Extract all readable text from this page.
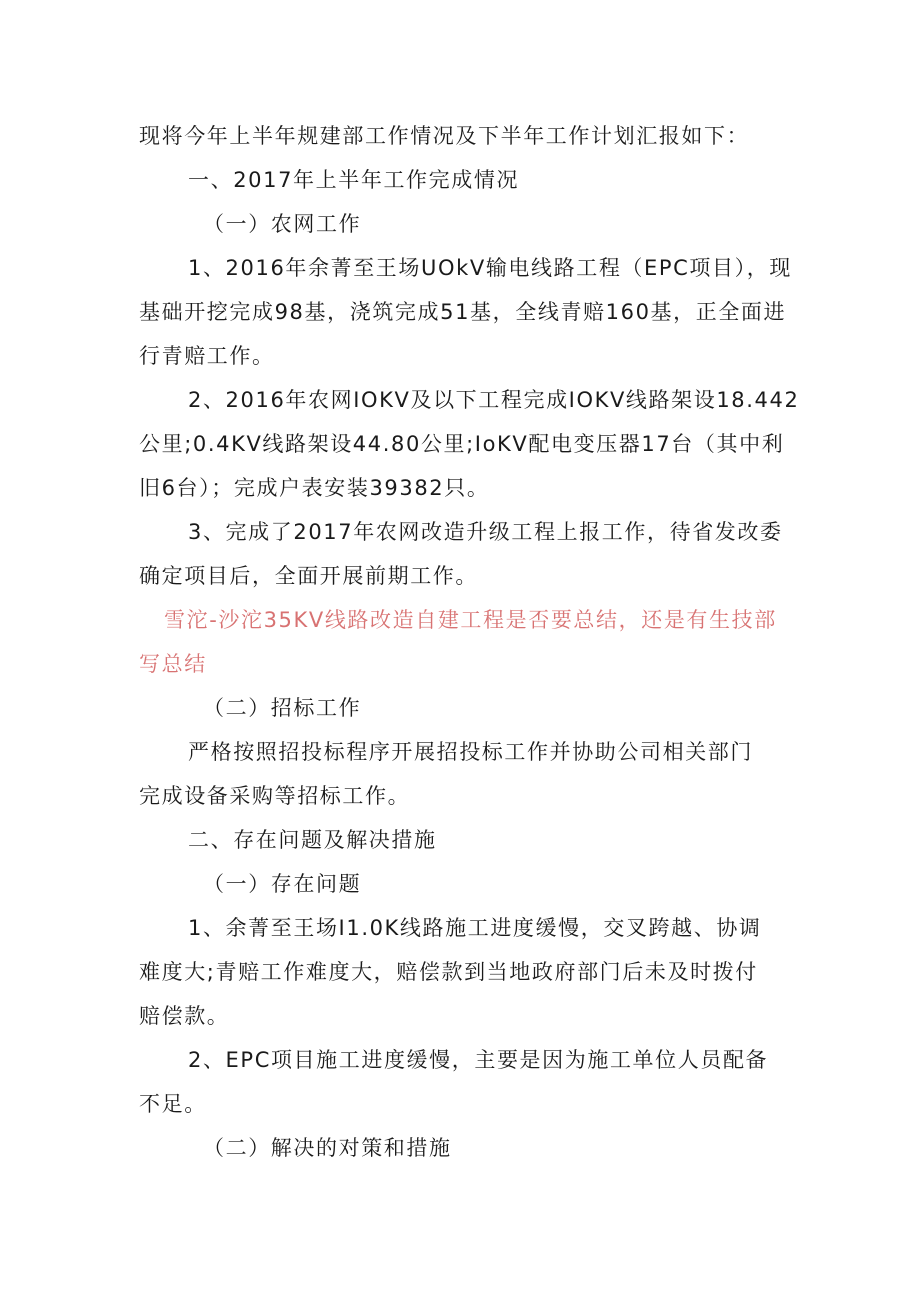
现将今年上半年规建部工作情况及下半年工作计划汇报如下：
一、2017年上半年工作完成情况
（一）农网工作
1、2016年余菁至王场UOkV输电线路工程（EPC项目），现
基础开挖完成98基，浇筑完成51基，全线青赔160基，正全面进
行青赔工作。
2、2016年农网IOKV及以下工程完成IOKV线路架设18.442
公里;0.4KV线路架设44.80公里;IoKV配电变压器17台（其中利
旧6台）；完成户表安装39382只。
3、完成了2017年农网改造升级工程上报工作，待省发改委
确定项目后，全面开展前期工作。
雪沱-沙沱35KV线路改造自建工程是否要总结，还是有生技部
写总结
（二）招标工作
严格按照招投标程序开展招投标工作并协助公司相关部门
完成设备采购等招标工作。
二、存在问题及解决措施
（一）存在问题
1、余菁至王场I1.0K线路施工进度缓慢，交叉跨越、协调
难度大;青赔工作难度大，赔偿款到当地政府部门后未及时拨付
赔偿款。
2、EPC项目施工进度缓慢，主要是因为施工单位人员配备
不足。
（二）解决的对策和措施
